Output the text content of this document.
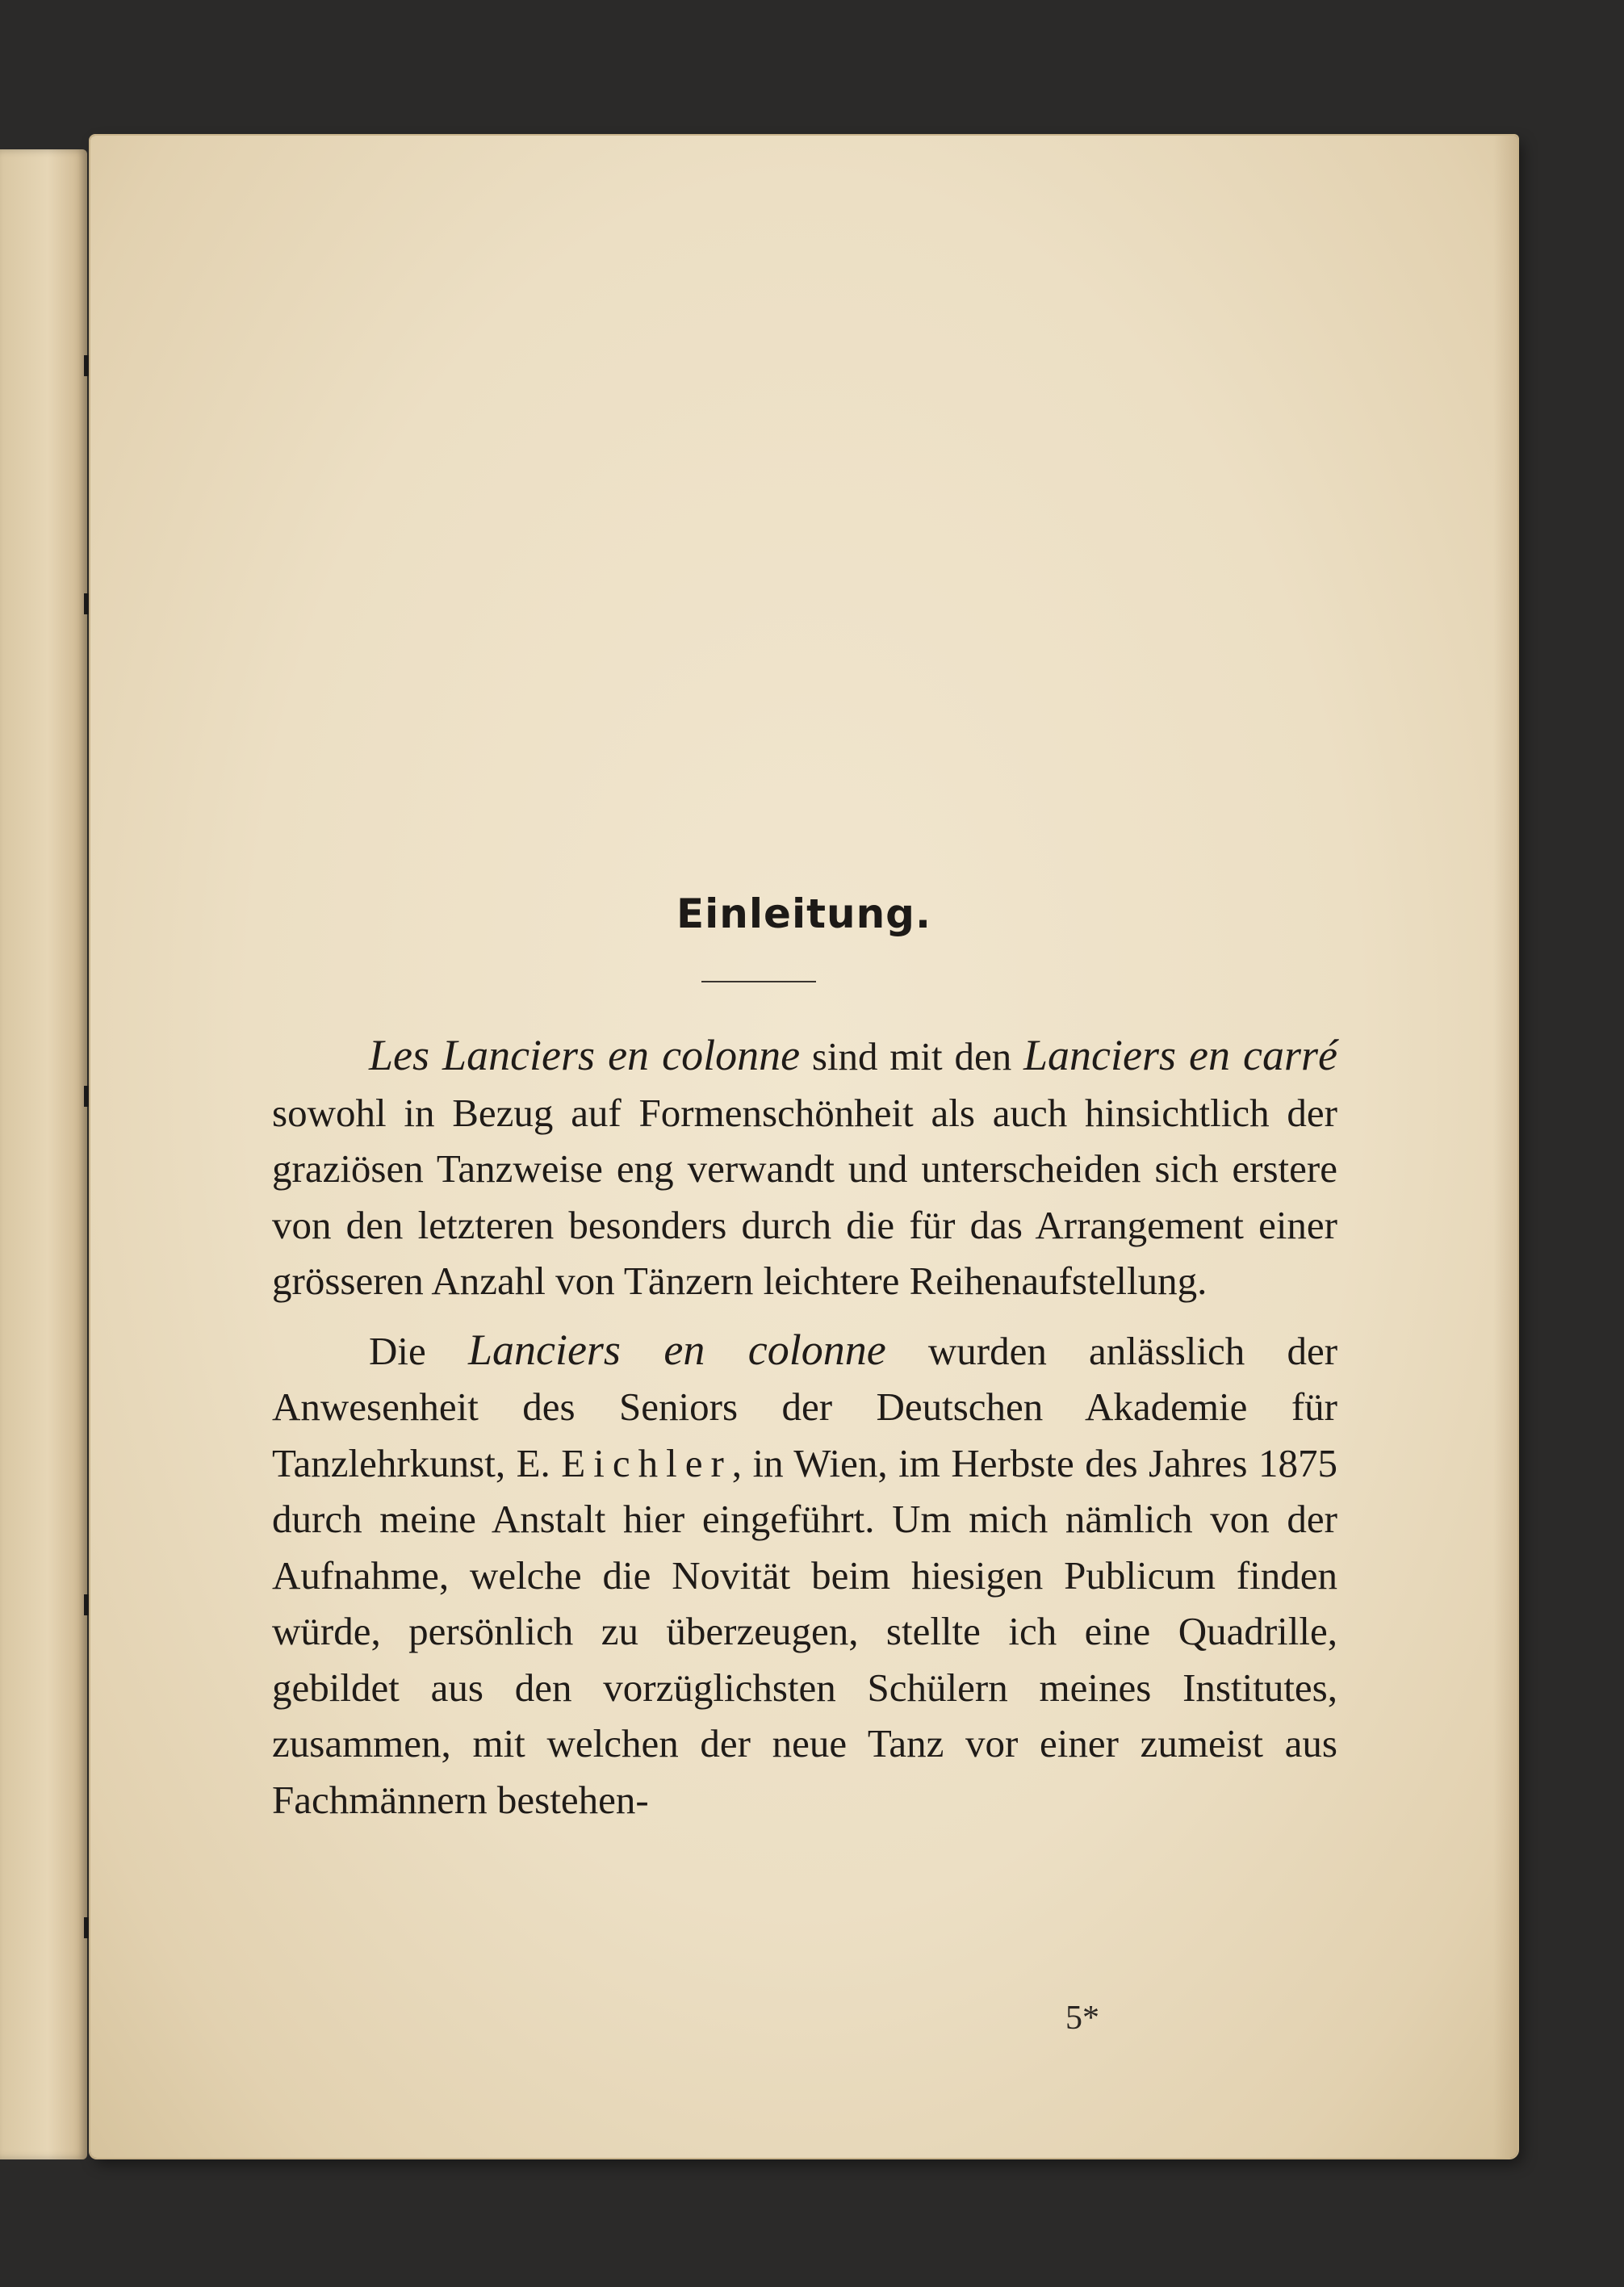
Einleitung.

Les Lanciers en colonne sind mit den Lanciers en carré sowohl in Bezug auf Formenschönheit als auch hinsichtlich der graziösen Tanzweise eng verwandt und unterscheiden sich erstere von den letzteren besonders durch die für das Arrangement einer grösseren Anzahl von Tänzern leichtere Reihenaufstellung.

Die Lanciers en colonne wurden anlässlich der Anwesenheit des Seniors der Deutschen Akademie für Tanzlehrkunst, E. Eichler, in Wien, im Herbste des Jahres 1875 durch meine Anstalt hier eingeführt. Um mich nämlich von der Aufnahme, welche die Novität beim hiesigen Publicum finden würde, persönlich zu überzeugen, stellte ich eine Quadrille, gebildet aus den vorzüglichsten Schülern meines Institutes, zusammen, mit welchen der neue Tanz vor einer zumeist aus Fachmännern bestehen-

5*
